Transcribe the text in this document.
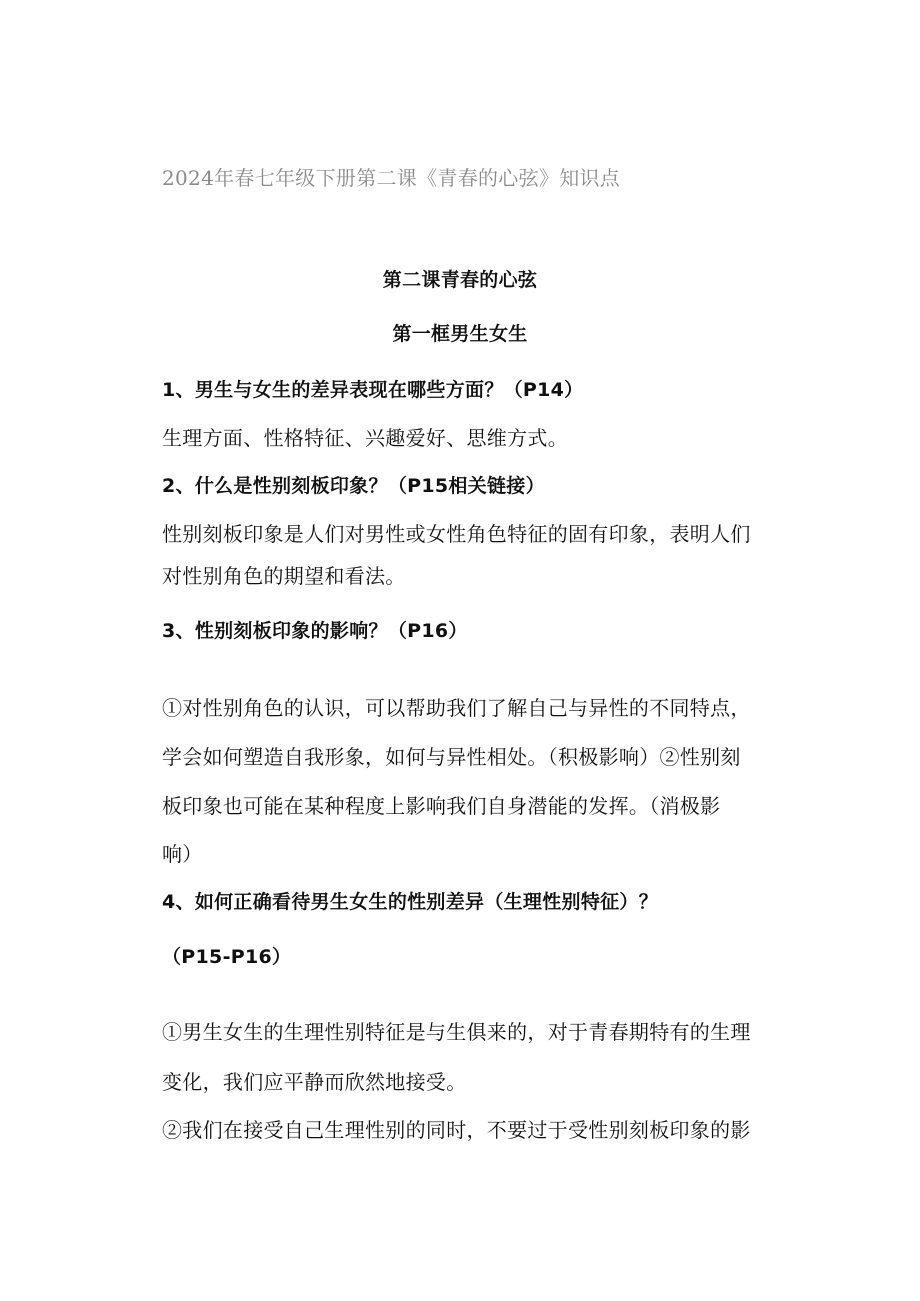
2024年春七年级下册第二课《青春的心弦》知识点
第二课青春的心弦
第一框男生女生
1、男生与女生的差异表现在哪些方面？（P14）
生理方面、性格特征、兴趣爱好、思维方式。
2、什么是性别刻板印象？（P15相关链接）
性别刻板印象是人们对男性或女性角色特征的固有印象，表明人们
对性别角色的期望和看法。
3、性别刻板印象的影响？（P16）
①对性别角色的认识，可以帮助我们了解自己与异性的不同特点，
学会如何塑造自我形象，如何与异性相处。（积极影响）②性别刻
板印象也可能在某种程度上影响我们自身潜能的发挥。（消极影
响）
4、如何正确看待男生女生的性别差异（生理性别特征）？
（P15-P16）
①男生女生的生理性别特征是与生俱来的，对于青春期特有的生理
变化，我们应平静而欣然地接受。
②我们在接受自己生理性别的同时，不要过于受性别刻板印象的影
